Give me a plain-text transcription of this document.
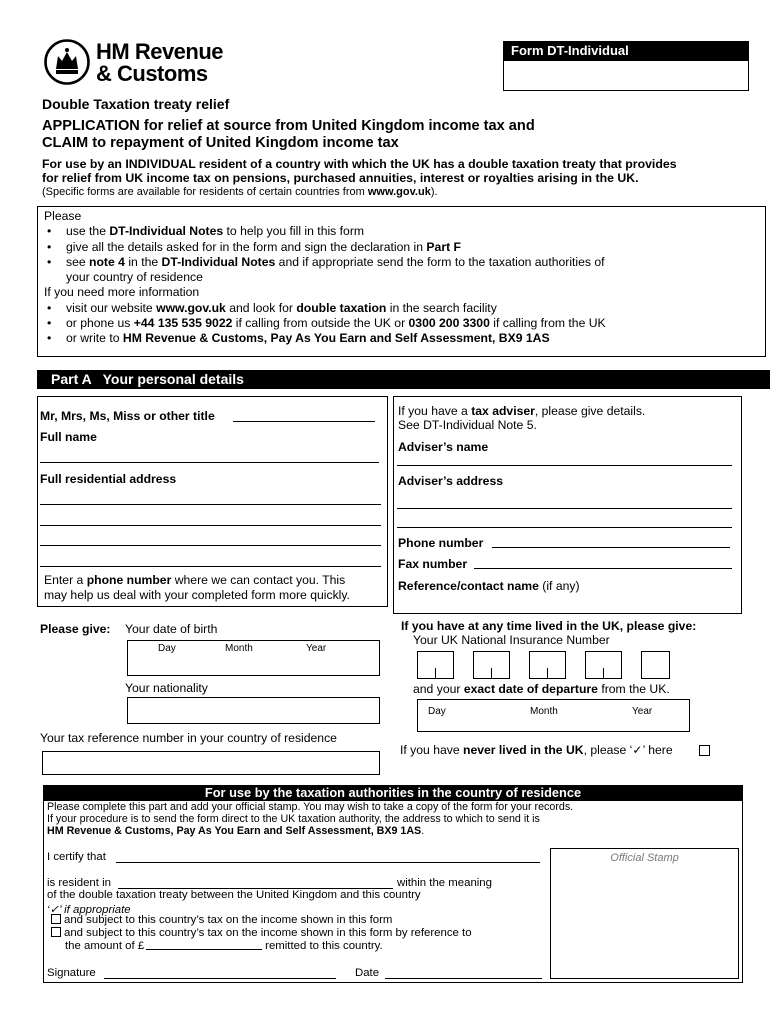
HM Revenue
& Customs
Form DT-Individual
Double Taxation treaty relief
APPLICATION for relief at source from United Kingdom income tax and
CLAIM to repayment of United Kingdom income tax
For use by an INDIVIDUAL resident of a country with which the UK has a double taxation treaty that provides
for relief from UK income tax on pensions, purchased annuities, interest or royalties arising in the UK.
(Specific forms are available for residents of certain countries from www.gov.uk).
Please
• use the DT-Individual Notes to help you fill in this form
• give all the details asked for in the form and sign the declaration in Part F
• see note 4 in the DT-Individual Notes and if appropriate send the form to the taxation authorities of
your country of residence
If you need more information
• visit our website www.gov.uk and look for double taxation in the search facility
• or phone us +44 135 535 9022 if calling from outside the UK or 0300 200 3300 if calling from the UK
• or write to HM Revenue & Customs, Pay As You Earn and Self Assessment, BX9 1AS
Part A   Your personal details
Mr, Mrs, Ms, Miss or other title
Full name
Full residential address
Enter a phone number where we can contact you. This
may help us deal with your completed form more quickly.
If you have a tax adviser, please give details.
See DT-Individual Note 5.
Adviser’s name
Adviser’s address
Phone number
Fax number
Reference/contact name (if any)
Please give: Your date of birth
Day	Month	Year
Your nationality
Your tax reference number in your country of residence
If you have at any time lived in the UK, please give:
Your UK National Insurance Number
and your exact date of departure from the UK.
Day	Month	Year
If you have never lived in the UK, please ‘✓’ here
For use by the taxation authorities in the country of residence
Please complete this part and add your official stamp. You may wish to take a copy of the form for your records.
If your procedure is to send the form direct to the UK taxation authority, the address to which to send it is
HM Revenue & Customs, Pay As You Earn and Self Assessment, BX9 1AS.
I certify that	Official Stamp
is resident in	within the meaning
of the double taxation treaty between the United Kingdom and this country
‘✓’ if appropriate
and subject to this country’s tax on the income shown in this form
and subject to this country’s tax on the income shown in this form by reference to
the amount of £	remitted to this country.
Signature	Date
